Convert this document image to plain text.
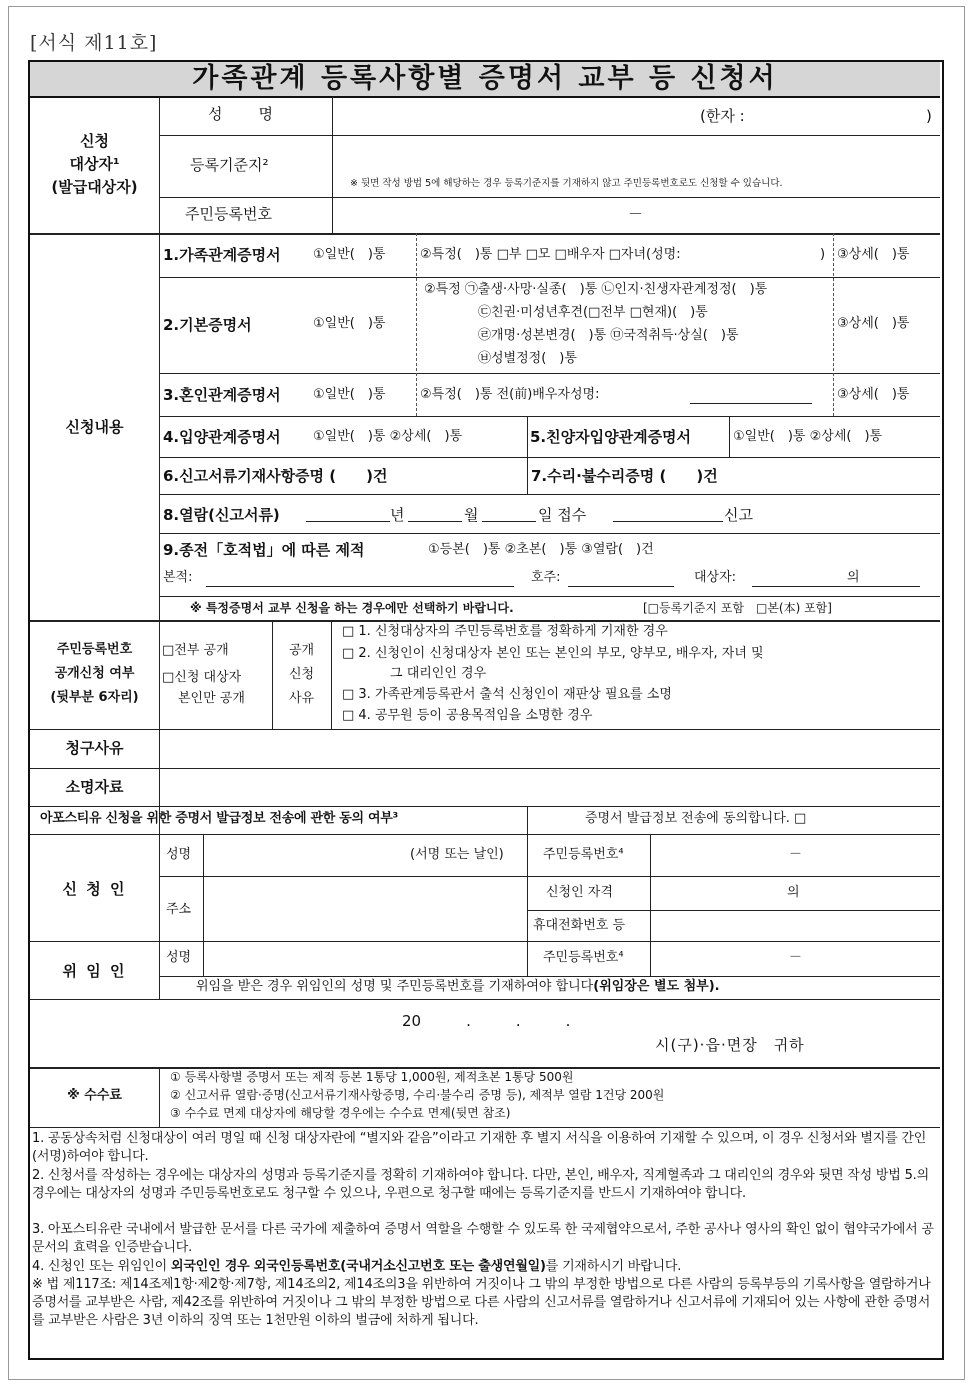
[서식 제11호]
가족관계 등록사항별 증명서 교부 등 신청서
신청
대상자¹
(발급대상자)
성　　명	(한자 :	)
등록기준지²
※ 뒷면 작성 방법 5에 해당하는 경우 등록기준지를 기재하지 않고 주민등록번호로도 신청할 수 있습니다.
주민등록번호	－
신청내용
1.가족관계증명서 ①일반(　)통	②특정(　)통 □부 □모 □배우자 □자녀(성명:	) ③상세(　)통
2.기본증명서	①일반(　)통
②특정 ㉠출생·사망·실종(　)통 ㉡인지·친생자관계정정(　)통
㉢친권·미성년후견(□전부 □현재)(　)통
㉣개명·성본변경(　)통 ㉤국적취득·상실(　)통
㉥성별정정(　)통
③상세(　)통
3.혼인관계증명서 ①일반(　)통	②특정(　)통 전(前)배우자성명:	③상세(　)통
4.입양관계증명서 ①일반(　)통 ②상세(　)통	5.친양자입양관계증명서	①일반(　)통 ②상세(　)통
6.신고서류기재사항증명 (　　)건	7.수리·불수리증명 (　　)건
8.열람(신고서류)	년	월	일 접수	신고
9.종전「호적법」에 따른 제적	①등본(　)통 ②초본(　)통 ③열람(　)건
본적:	호주:	대상자:	의
※ 특정증명서 교부 신청을 하는 경우에만 선택하기 바랍니다.	[□등록기준지 포함　□본(本) 포함]
주민등록번호
공개신청 여부
(뒷부분 6자리)
□전부 공개
□신청 대상자
본인만 공개
공개
신청
사유
□ 1. 신청대상자의 주민등록번호를 정확하게 기재한 경우
□ 2. 신청인이 신청대상자 본인 또는 본인의 부모, 양부모, 배우자, 자녀 및
그 대리인인 경우
□ 3. 가족관계등록관서 출석 신청인이 재판상 필요를 소명
□ 4. 공무원 등이 공용목적임을 소명한 경우
청구사유
소명자료
아포스티유 신청을 위한 증명서 발급정보 전송에 관한 동의 여부³	증명서 발급정보 전송에 동의합니다. □
신 청 인
성명	(서명 또는 날인)	주민등록번호⁴	－
주소
신청인 자격	의
휴대전화번호 등
위 임 인
성명	주민등록번호⁴	－
위임을 받은 경우 위임인의 성명 및 주민등록번호를 기재하여야 합니다(위임장은 별도 첨부).
20　　　.　　　.　　　.
시(구)·읍·면장　귀하
※ 수수료
① 등록사항별 증명서 또는 제적 등본 1통당 1,000원, 제적초본 1통당 500원
② 신고서류 열람·증명(신고서류기재사항증명, 수리·불수리 증명 등), 제적부 열람 1건당 200원
③ 수수료 면제 대상자에 해당할 경우에는 수수료 면제(뒷면 참조)
1. 공동상속처럼 신청대상이 여러 명일 때 신청 대상자란에 “별지와 같음”이라고 기재한 후 별지 서식을 이용하여 기재할 수 있으며, 이 경우 신청서와 별지를 간인(서명)하여야 합니다.
2. 신청서를 작성하는 경우에는 대상자의 성명과 등록기준지를 정확히 기재하여야 합니다. 다만, 본인, 배우자, 직계혈족과 그 대리인의 경우와 뒷면 작성 방법 5.의 경우에는 대상자의 성명과 주민등록번호로도 청구할 수 있으나, 우편으로 청구할 때에는 등록기준지를 반드시 기재하여야 합니다.
3. 아포스티유란 국내에서 발급한 문서를 다른 국가에 제출하여 증명서 역할을 수행할 수 있도록 한 국제협약으로서, 주한 공사나 영사의 확인 없이 협약국가에서 공문서의 효력을 인증받습니다.
4. 신청인 또는 위임인이 외국인인 경우 외국인등록번호(국내거소신고번호 또는 출생연월일)를 기재하시기 바랍니다.
※ 법 제117조: 제14조제1항·제2항·제7항, 제14조의2, 제14조의3을 위반하여 거짓이나 그 밖의 부정한 방법으로 다른 사람의 등록부등의 기록사항을 열람하거나 증명서를 교부받은 사람, 제42조를 위반하여 거짓이나 그 밖의 부정한 방법으로 다른 사람의 신고서류를 열람하거나 신고서류에 기재되어 있는 사항에 관한 증명서를 교부받은 사람은 3년 이하의 징역 또는 1천만원 이하의 벌금에 처하게 됩니다.
